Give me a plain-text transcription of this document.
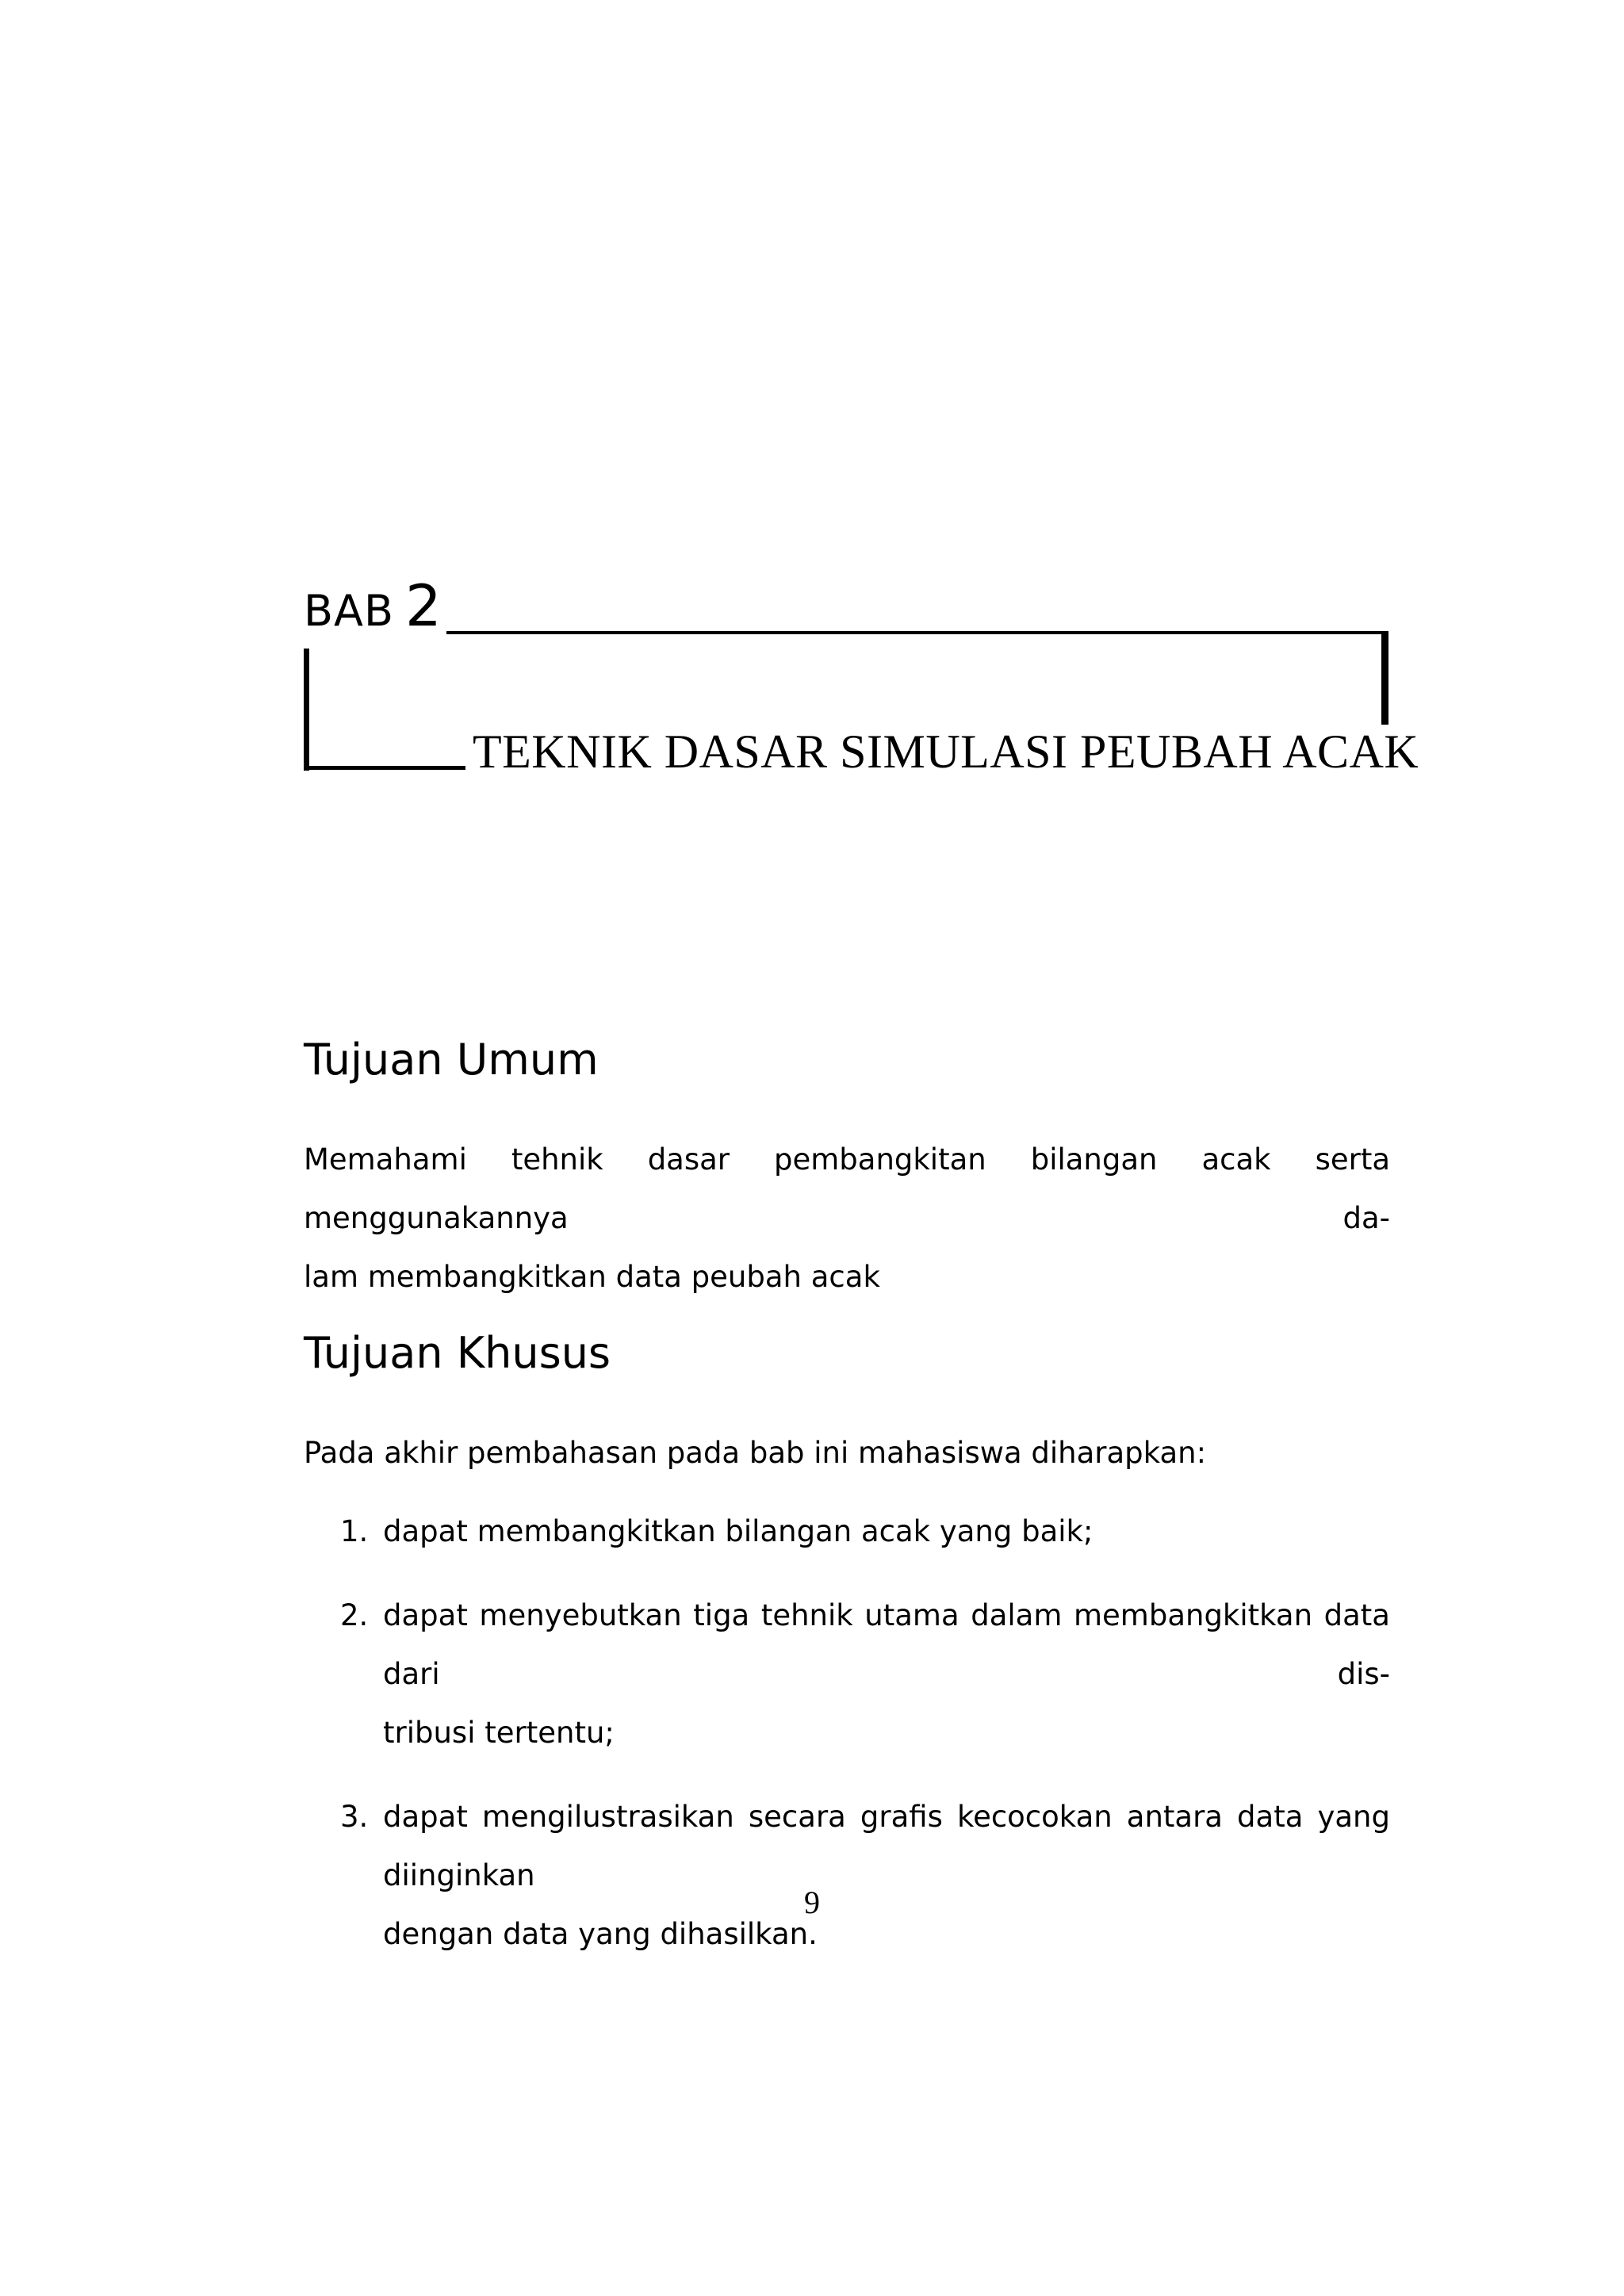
BAB 2
TEKNIK DASAR SIMULASI PEUBAH ACAK
Tujuan Umum
Memahami tehnik dasar pembangkitan bilangan acak serta menggunakannya da-
lam membangkitkan data peubah acak
Tujuan Khusus
Pada akhir pembahasan pada bab ini mahasiswa diharapkan:
1. dapat membangkitkan bilangan acak yang baik;
2. dapat menyebutkan tiga tehnik utama dalam membangkitkan data dari dis-
tribusi tertentu;
3. dapat mengilustrasikan secara grafis kecocokan antara data yang diinginkan
dengan data yang dihasilkan.
9
